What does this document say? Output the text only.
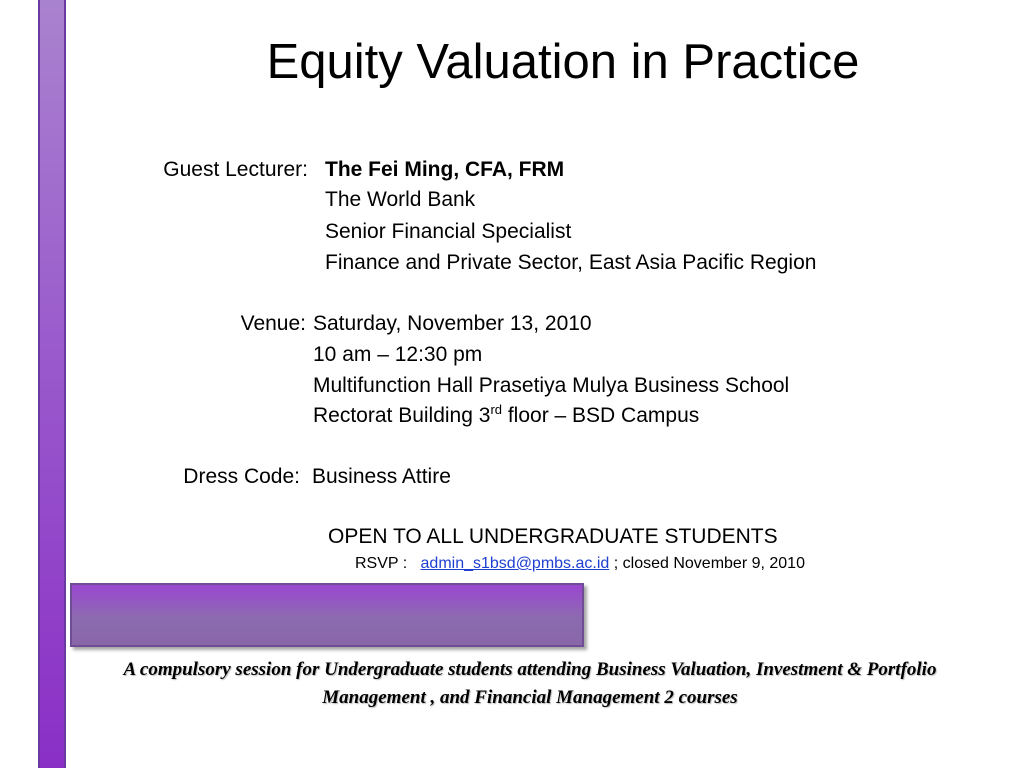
Equity Valuation in Practice
Guest Lecturer: The Fei Ming, CFA, FRM
The World Bank
Senior Financial Specialist
Finance and Private Sector, East Asia Pacific Region
Venue: Saturday, November 13, 2010
10 am – 12:30 pm
Multifunction Hall Prasetiya Mulya Business School
Rectorat Building 3rd floor – BSD Campus
Dress Code: Business Attire
OPEN TO ALL UNDERGRADUATE STUDENTS
RSVP : admin_s1bsd@pmbs.ac.id ; closed November 9, 2010
A compulsory session for Undergraduate students attending Business Valuation, Investment & Portfolio Management , and Financial Management 2 courses
